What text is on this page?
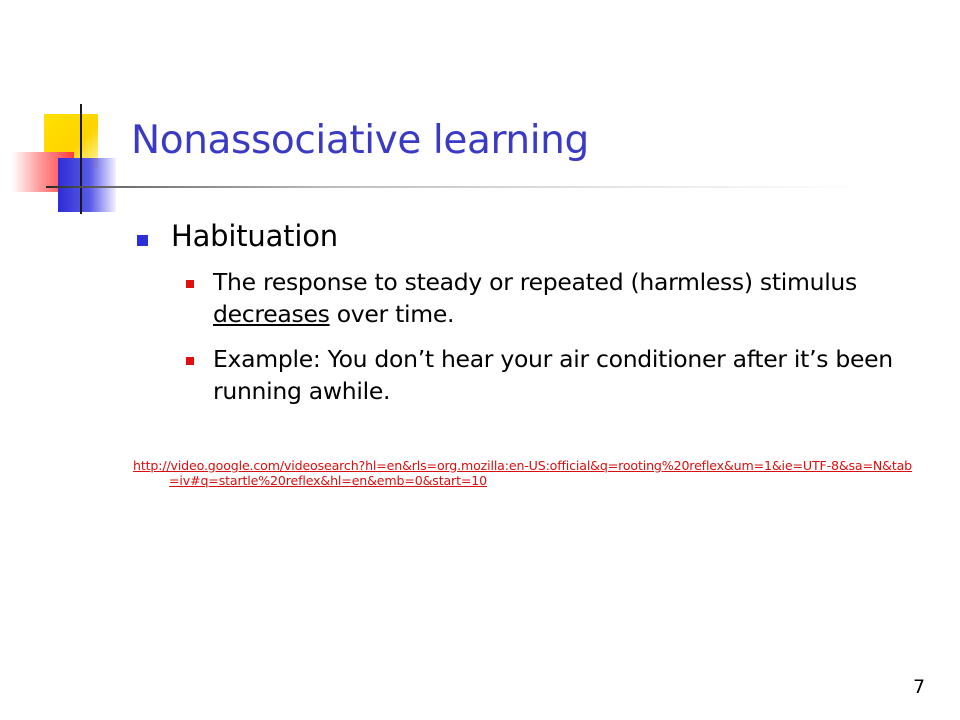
Nonassociative learning
Habituation
The response to steady or repeated (harmless) stimulus decreases over time.
Example: You don’t hear your air conditioner after it’s been running awhile.
http://video.google.com/videosearch?hl=en&rls=org.mozilla:en-US:official&q=rooting%20reflex&um=1&ie=UTF-8&sa=N&tab=iv#q=startle%20reflex&hl=en&emb=0&start=10
7
